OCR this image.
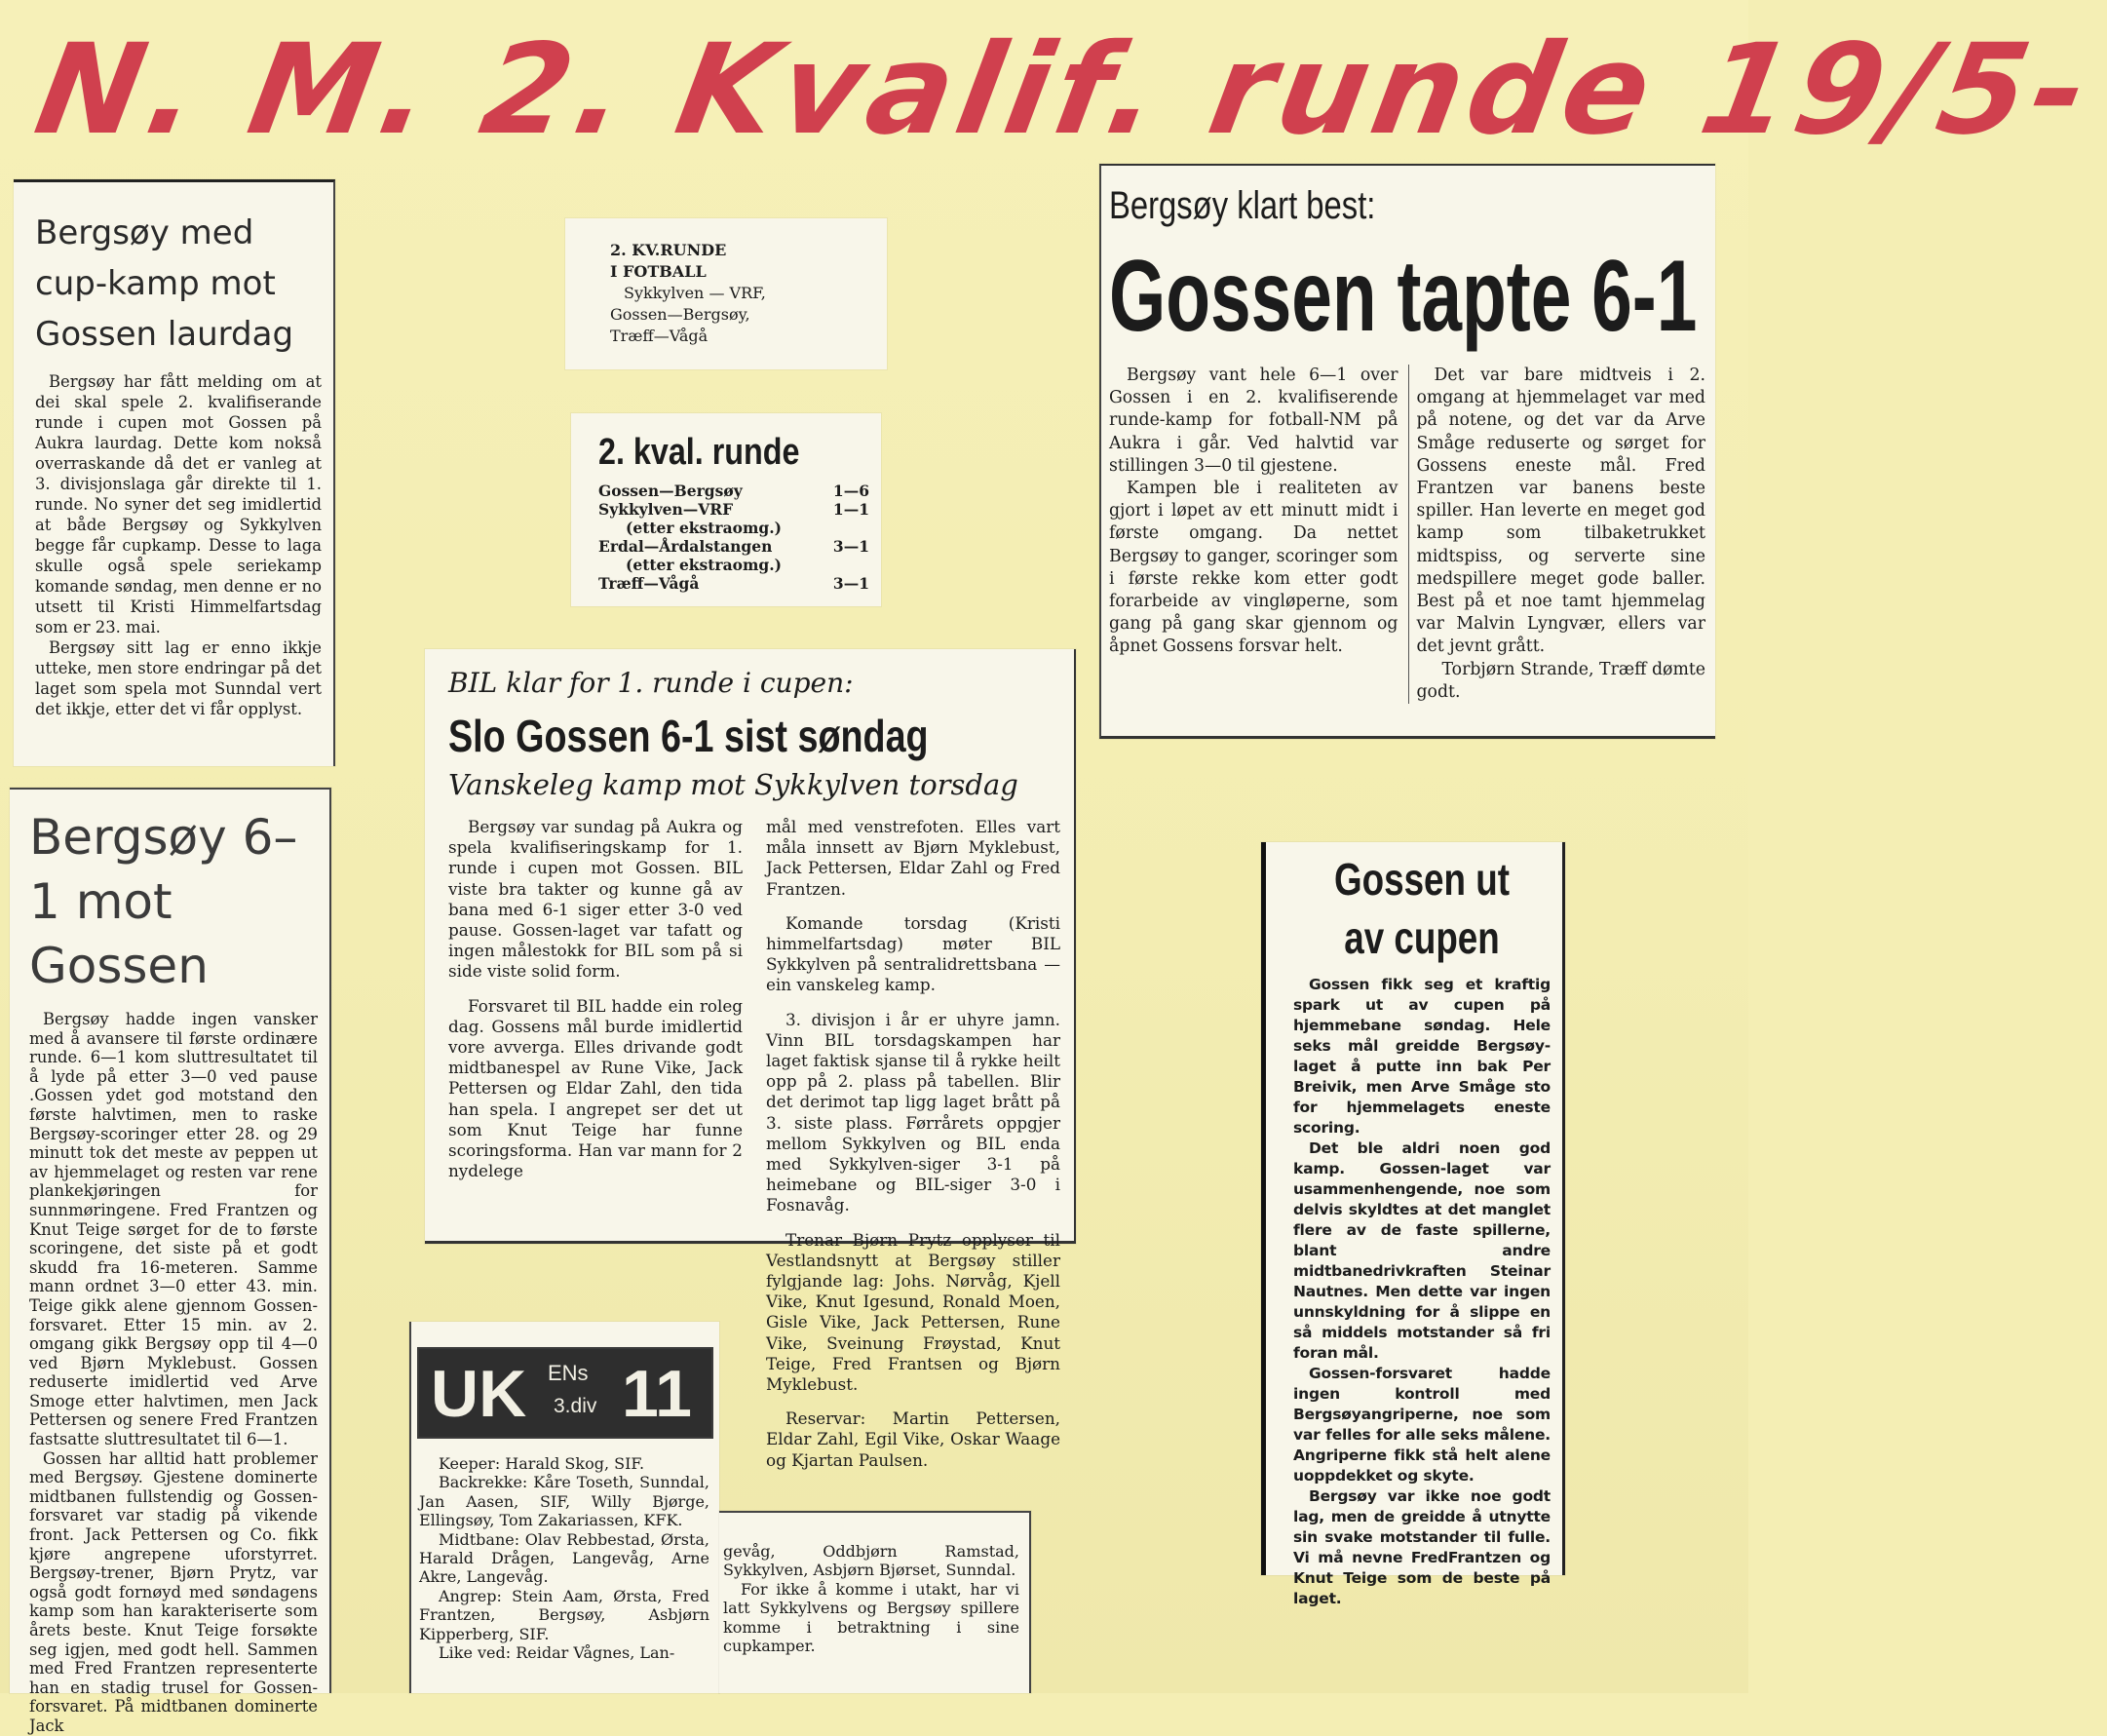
N. M. 2. Kvalif. runde 19/5-
Bergsøy med cup-kamp mot Gossen laurdag

Bergsøy har fått melding om at dei skal spele 2. kvalifiserande runde i cupen mot Gossen på Aukra laurdag. Dette kom nokså overraskande då det er vanleg at 3. divisjonslaga går direkte til 1. runde. No syner det seg imidlertid at både Bergsøy og Sykkylven begge får cupkamp. Desse to laga skulle også spele seriekamp komande søndag, men denne er no utsett til Kristi Himmelfartsdag som er 23. mai.

Bergsøy sitt lag er enno ikkje utteke, men store endringar på det laget som spela mot Sunndal vert det ikkje, etter det vi får opplyst.

Bergsøy 6–1 mot Gossen

Bergsøy hadde ingen vansker med å avansere til første ordinære runde. 6—1 kom sluttresultatet til å lyde på etter 3—0 ved pause .Gossen ydet god motstand den første halvtimen, men to raske Bergsøy-scoringer etter 28. og 29 minutt tok det meste av peppen ut av hjemmelaget og resten var rene plankekjøringen for sunnmøringene. Fred Frantzen og Knut Teige sørget for de to første scoringene, det siste på et godt skudd fra 16-meteren. Samme mann ordnet 3—0 etter 43. min. Teige gikk alene gjennom Gossen-forsvaret. Etter 15 min. av 2. omgang gikk Bergsøy opp til 4—0 ved Bjørn Myklebust. Gossen reduserte imidlertid ved Arve Smoge etter halvtimen, men Jack Pettersen og senere Fred Frantzen fastsatte sluttresultatet til 6—1.

Gossen har alltid hatt problemer med Bergsøy. Gjestene dominerte midtbanen fullstendig og Gossen-forsvaret var stadig på vikende front. Jack Pettersen og Co. fikk kjøre angrepene uforstyrret. Bergsøy-trener, Bjørn Prytz, var også godt fornøyd med søndagens kamp som han karakteriserte som årets beste. Knut Teige forsøkte seg igjen, med godt hell. Sammen med Fred Frantzen representerte han en stadig trusel for Gossen-forsvaret. På midtbanen dominerte Jack

2. KV.RUNDE
I FOTBALL
Sykkylven — VRF,
Gossen—Bergsøy,
Træff—Vågå
2. kval. runde
Gossen—Bergsøy	1—6
Sykkylven—VRF	1—1
(etter ekstraomg.)
Erdal—Årdalstangen	3—1
(etter ekstraomg.)
Træff—Vågå	3—1
BIL klar for 1. runde i cupen:
Slo Gossen 6-1 sist søndag
Vanskeleg kamp mot Sykkylven torsdag

Bergsøy var sundag på Aukra og spela kvalifiseringskamp for 1. runde i cupen mot Gossen. BIL viste bra takter og kunne gå av bana med 6-1 siger etter 3-0 ved pause. Gossen-laget var tafatt og ingen målestokk for BIL som på si side viste solid form.

Forsvaret til BIL hadde ein roleg dag. Gossens mål burde imidlertid vore avverga. Elles drivande godt midtbanespel av Rune Vike, Jack Pettersen og Eldar Zahl, den tida han spela. I angrepet ser det ut som Knut Teige har funne scoringsforma. Han var mann for 2 nydelege

mål med venstrefoten. Elles vart måla innsett av Bjørn Myklebust, Jack Pettersen, Eldar Zahl og Fred Frantzen.

Komande torsdag (Kristi himmelfartsdag) møter BIL Sykkylven på sentralidrettsbana — ein vanskeleg kamp.

3. divisjon i år er uhyre jamn. Vinn BIL torsdagskampen har laget faktisk sjanse til å rykke heilt opp på 2. plass på tabellen. Blir det derimot tap ligg laget brått på 3. siste plass. Førrårets oppgjer mellom Sykkylven og BIL enda med Sykkylven-siger 3-1 på heimebane og BIL-siger 3-0 i Fosnavåg.

Trenar Bjørn Prytz opplyser til Vestlandsnytt at Bergsøy stiller fylgjande lag: Johs. Nørvåg, Kjell Vike, Knut Igesund, Ronald Moen, Gisle Vike, Jack Pettersen, Rune Vike, Sveinung Frøystad, Knut Teige, Fred Frantsen og Bjørn Myklebust.

Reservar: Martin Pettersen, Eldar Zahl, Egil Vike, Oskar Waage og Kjartan Paulsen.

Bergsøy klart best:
Gossen tapte 6-1

Bergsøy vant hele 6—1 over Gossen i en 2. kvalifiserende runde-kamp for fotball-NM på Aukra i går. Ved halvtid var stillingen 3—0 til gjestene.

Kampen ble i realiteten av gjort i løpet av ett minutt midt i første omgang. Da nettet Bergsøy to ganger, scoringer som i første rekke kom etter godt forarbeide av vingløperne, som gang på gang skar gjennom og åpnet Gossens forsvar helt.

Det var bare midtveis i 2. omgang at hjemmelaget var med på notene, og det var da Arve Småge reduserte og sørget for Gossens eneste mål. Fred Frantzen var banens beste spiller. Han leverte en meget god kamp som tilbaketrukket midtspiss, og serverte sine medspillere meget gode baller. Best på et noe tamt hjemmelag var Malvin Lyngvær, ellers var det jevnt grått.

Torbjørn Strande, Træff dømte godt.

UK ENs
3.div 11

Keeper: Harald Skog, SIF.

Backrekke: Kåre Toseth, Sunndal, Jan Aasen, SIF, Willy Bjørge, Ellingsøy, Tom Zakariassen, KFK.

Midtbane: Olav Rebbestad, Ørsta, Harald Drågen, Langevåg, Arne Akre, Langevåg.

Angrep: Stein Aam, Ørsta, Fred Frantzen, Bergsøy, Asbjørn Kipperberg, SIF.

Like ved: Reidar Vågnes, Lan-

gevåg, Oddbjørn Ramstad, Sykkylven, Asbjørn Bjørset, Sunndal.

For ikke å komme i utakt, har vi latt Sykkylvens og Bergsøy spillere komme i betraktning i sine cupkamper.

Gossen ut
av cupen

Gossen fikk seg et kraftig spark ut av cupen på hjemmebane søndag. Hele seks mål greidde Bergsøy-laget å putte inn bak Per Breivik, men Arve Småge sto for hjemmelagets eneste scoring.

Det ble aldri noen god kamp. Gossen-laget var usammenhengende, noe som delvis skyldtes at det manglet flere av de faste spillerne, blant andre midtbanedrivkraften Steinar Nautnes. Men dette var ingen unnskyldning for å slippe en så middels motstander så fri foran mål.

Gossen-forsvaret hadde ingen kontroll med Bergsøyangriperne, noe som var felles for alle seks målene. Angriperne fikk stå helt alene uoppdekket og skyte.

Bergsøy var ikke noe godt lag, men de greidde å utnytte sin svake motstander til fulle. Vi må nevne FredFrantzen og Knut Teige som de beste på laget.
